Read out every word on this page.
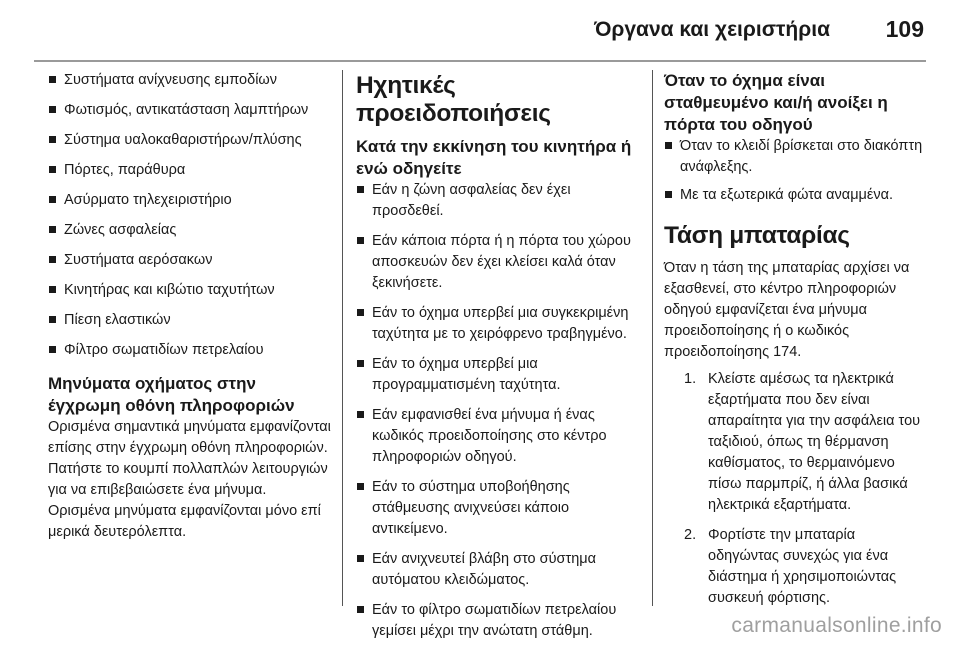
Όργανα και χειριστήρια 109
Συστήματα ανίχνευσης εμποδίων
Φωτισμός, αντικατάσταση λαμπτήρων
Σύστημα υαλοκαθαριστήρων/πλύσης
Πόρτες, παράθυρα
Ασύρματο τηλεχειριστήριο
Ζώνες ασφαλείας
Συστήματα αερόσακων
Κινητήρας και κιβώτιο ταχυτήτων
Πίεση ελαστικών
Φίλτρο σωματιδίων πετρελαίου
Μηνύματα οχήματος στην έγχρωμη οθόνη πληροφοριών

Ορισμένα σημαντικά μηνύματα εμφανίζονται επίσης στην έγχρωμη οθόνη πληροφοριών. Πατήστε το κουμπί πολλαπλών λειτουργιών για να επιβεβαιώσετε ένα μήνυμα. Ορισμένα μηνύματα εμφανίζονται μόνο επί μερικά δευτερόλεπτα.

Ηχητικές προειδοποιήσεις
Κατά την εκκίνηση του κινητήρα ή ενώ οδηγείτε
Εάν η ζώνη ασφαλείας δεν έχει προσδεθεί.
Εάν κάποια πόρτα ή η πόρτα του χώρου αποσκευών δεν έχει κλείσει καλά όταν ξεκινήσετε.
Εάν το όχημα υπερβεί μια συγκεκριμένη ταχύτητα με το χειρόφρενο τραβηγμένο.
Εάν το όχημα υπερβεί μια προγραμματισμένη ταχύτητα.
Εάν εμφανισθεί ένα μήνυμα ή ένας κωδικός προειδοποίησης στο κέντρο πληροφοριών οδηγού.
Εάν το σύστημα υποβοήθησης στάθμευσης ανιχνεύσει κάποιο αντικείμενο.
Εάν ανιχνευτεί βλάβη στο σύστημα αυτόματου κλειδώματος.
Εάν το φίλτρο σωματιδίων πετρελαίου γεμίσει μέχρι την ανώτατη στάθμη.
Όταν το όχημα είναι σταθμευμένο και/ή ανοίξει η πόρτα του οδηγού
Όταν το κλειδί βρίσκεται στο διακόπτη ανάφλεξης.
Με τα εξωτερικά φώτα αναμμένα.
Τάση μπαταρίας

Όταν η τάση της μπαταρίας αρχίσει να εξασθενεί, στο κέντρο πληροφοριών οδηγού εμφανίζεται ένα μήνυμα προειδοποίησης ή ο κωδικός προειδοποίησης 174.

1. Κλείστε αμέσως τα ηλεκτρικά εξαρτήματα που δεν είναι απαραίτητα για την ασφάλεια του ταξιδιού, όπως τη θέρμανση καθίσματος, το θερμαινόμενο πίσω παρμπρίζ, ή άλλα βασικά ηλεκτρικά εξαρτήματα.
2. Φορτίστε την μπαταρία οδηγώντας συνεχώς για ένα διάστημα ή χρησιμοποιώντας συσκευή φόρτισης.
carmanualsonline.info
